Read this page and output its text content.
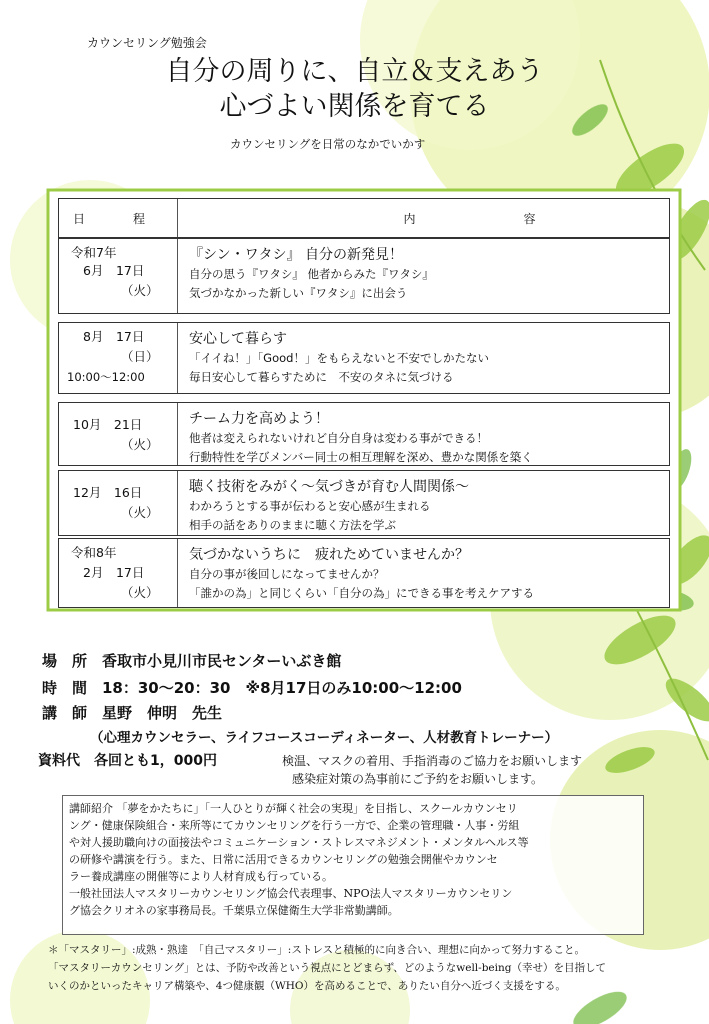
カウンセリング勉強会
自分の周りに、自立＆支えあう
心づよい関係を育てる
カウンセリングを日常のなかでいかす
日　程	内　容
令和7年
6月　17日
（火）
『シン・ワタシ』 自分の新発見！
自分の思う『ワタシ』 他者からみた『ワタシ』
気づかなかった新しい『ワタシ』に出会う
8月　17日
（日）
10:00～12:00
安心して暮らす
「イイね！」「Good！」をもらえないと不安でしかたない
毎日安心して暮らすために　不安のタネに気づける
10月　21日
（火）
チーム力を高めよう！
他者は変えられないけれど自分自身は変わる事ができる！
行動特性を学びメンバー同士の相互理解を深め、豊かな関係を築く
12月　16日
（火）
聴く技術をみがく～気づきが育む人間関係～
わかろうとする事が伝わると安心感が生まれる
相手の話をありのままに聴く方法を学ぶ
令和8年
2月　17日
（火）
気づかないうちに　疲れためていませんか？
自分の事が後回しになってませんか？
「誰かの為」と同じくらい「自分の為」にできる事を考えケアする
場　所　香取市小見川市民センターいぶき館
時　間　18：30～20：30　※8月17日のみ10:00～12:00
講　師　星野　伸明　先生
（心理カウンセラー、ライフコースコーディネーター、人材教育トレーナー）
資料代　各回とも1，000円	検温、マスクの着用、手指消毒のご協力をお願いします
感染症対策の為事前にご予約をお願いします。
講師紹介 「夢をかたちに」「一人ひとりが輝く社会の実現」を目指し、スクールカウンセリ
ング・健康保険組合・来所等にてカウンセリングを行う一方で、企業の管理職・人事・労組
や対人援助職向けの面接法やコミュニケーション・ストレスマネジメント・メンタルヘルス等
の研修や講演を行う。また、日常に活用できるカウンセリングの勉強会開催やカウンセ
ラー養成講座の開催等により人材育成も行っている。
一般社団法人マスタリーカウンセリング協会代表理事、NPO法人マスタリーカウンセリン
グ協会クリオネの家事務局長。千葉県立保健衛生大学非常勤講師。
＊「マスタリー」:成熟・熟達　「自己マスタリー」:ストレスと積極的に向き合い、理想に向かって努力すること。
「マスタリーカウンセリング」とは、予防や改善という視点にとどまらず、どのようなwell-being（幸せ）を目指して
いくのかといったキャリア構築や、4つ健康観（WHO）を高めることで、ありたい自分へ近づく支援をする。
